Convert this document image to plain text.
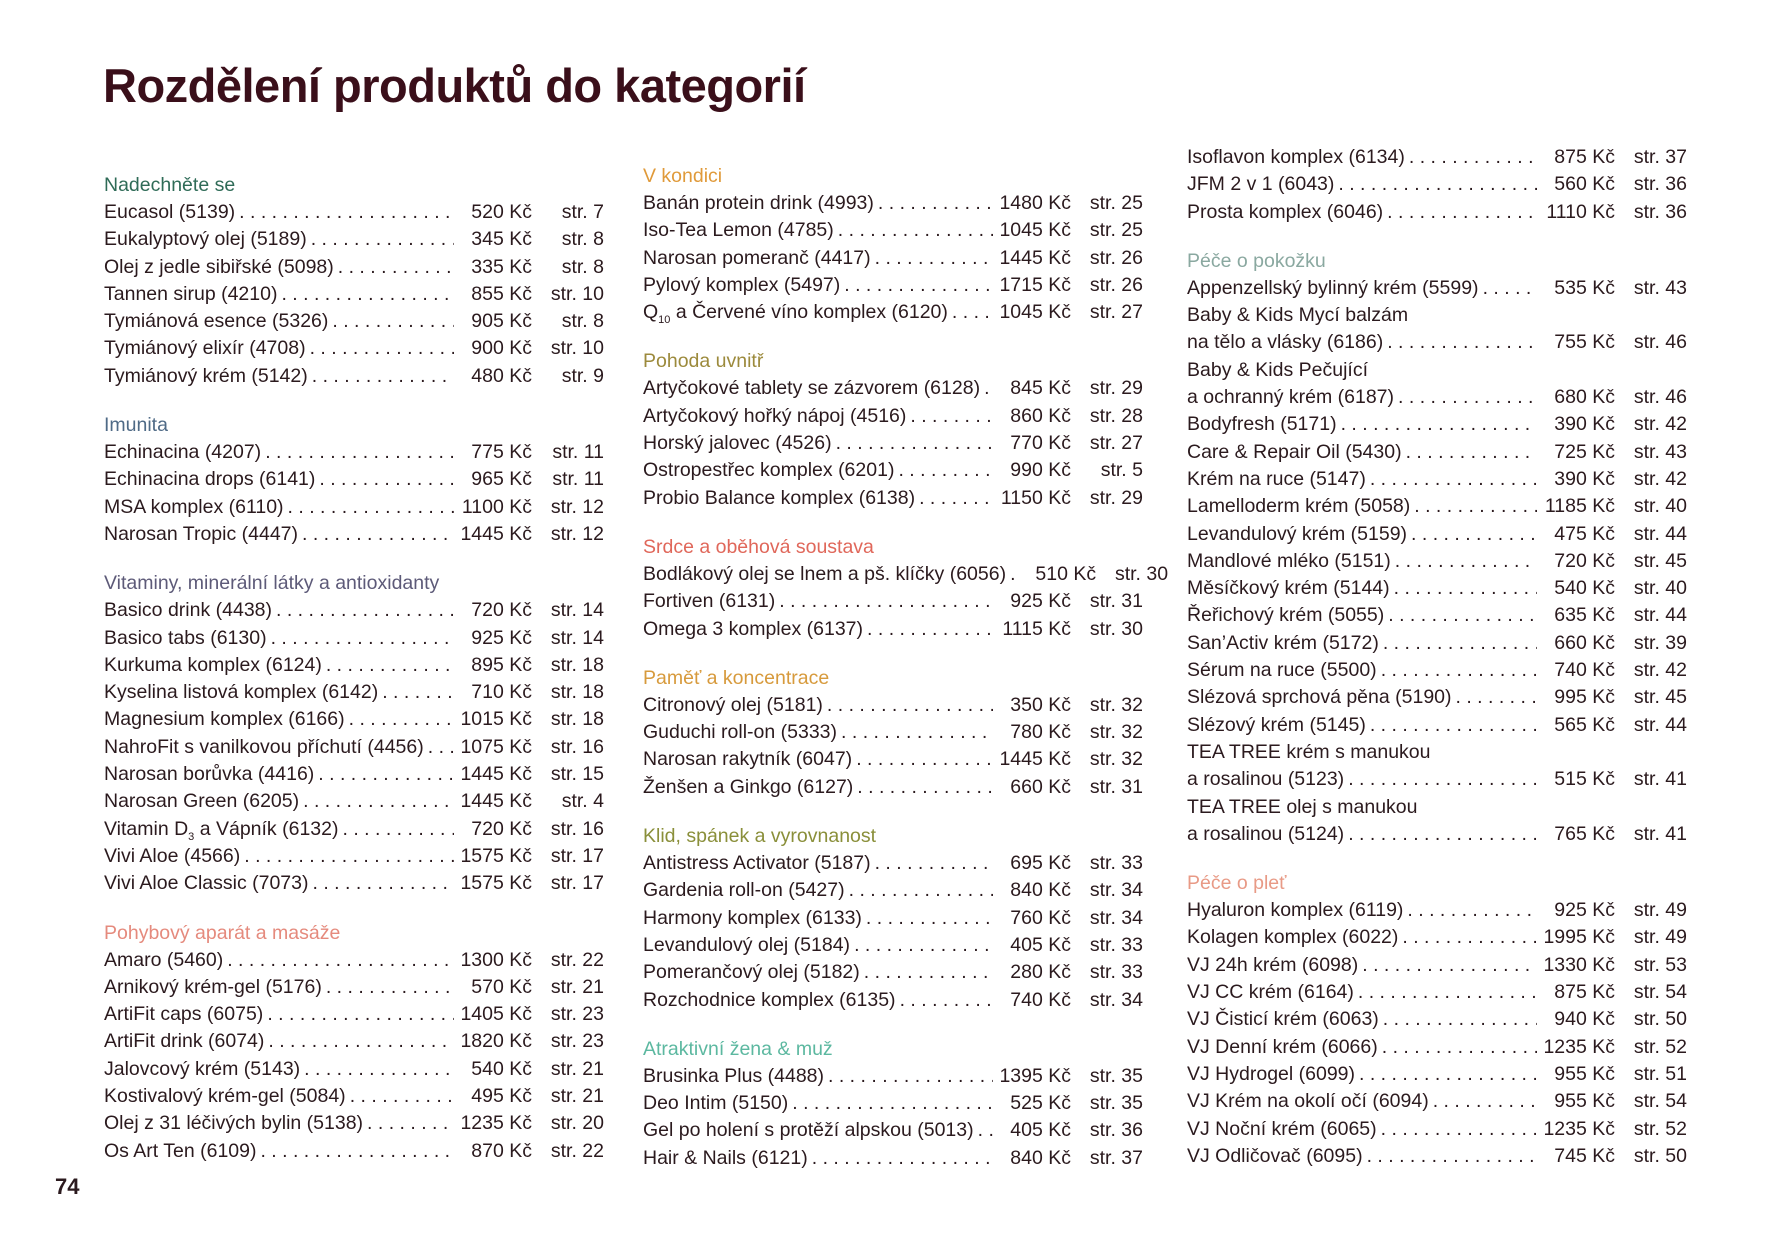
Rozdělení produktů do kategorií
Nadechněte se
Eucasol (5139) . . .	520 Kč	str. 7
Eukalyptový olej (5189) . . .	345 Kč	str. 8
Olej z jedle sibiřské (5098) . . .	335 Kč	str. 8
Tannen sirup (4210) . . .	855 Kč str. 10
Tymiánová esence (5326) . . .	905 Kč	str. 8
Tymiánový elixír (4708) . . .	900 Kč str. 10
Tymiánový krém (5142) . . .	480 Kč	str. 9
Imunita
Echinacina (4207) . . .	775 Kč	str. 11
Echinacina drops (6141) . . .	965 Kč	str. 11
MSA komplex (6110) . . .	1100 Kč str. 12
Narosan Tropic (4447) . . .	1445 Kč str. 12
Vitaminy, minerální látky a antioxidanty
Basico drink (4438) . . .	720 Kč str. 14
Basico tabs (6130) . . .	925 Kč str. 14
Kurkuma komplex (6124) . . .	895 Kč str. 18
Kyselina listová komplex (6142) . . .	710 Kč str. 18
Magnesium komplex (6166) . . .	1015 Kč str. 18
NahroFit s vanilkovou příchutí (4456) . . .	1075 Kč str. 16
Narosan borůvka (4416) . . .	1445 Kč str. 15
Narosan Green (6205) . . .	1445 Kč	str. 4
Vitamin $D_3$ a Vápník (6132) . . .	720 Kč str. 16
Vivi Aloe (4566) . . .	1575 Kč str. 17
Vivi Aloe Classic (7073) . . .	1575 Kč str. 17
Pohybový aparát a masáže
Amaro (5460) . . .	1300 Kč str. 22
Arnikový krém-gel (5176) . . .	570 Kč str. 21
ArtiFit caps (6075) . . .	1405 Kč str. 23
ArtiFit drink (6074) . . .	1820 Kč str. 23
Jalovcový krém (5143) . . .	540 Kč str. 21
Kostivalový krém-gel (5084) . . .	495 Kč str. 21
Olej z 31 léčivých bylin (5138) . . .	1235 Kč str. 20
Os Art Ten (6109) . . .	870 Kč str. 22
V kondici
Banán protein drink (4993) . . .	1480 Kč str. 25
Iso-Tea Lemon (4785) . . .	1045 Kč str. 25
Narosan pomeranč (4417) . . .	1445 Kč str. 26
Pylový komplex (5497) . . .	1715 Kč str. 26
$Q_{10}$ a Červené víno komplex (6120) . . .	1045 Kč str. 27
Pohoda uvnitř
Artyčokové tablety se zázvorem (6128) . . .	845 Kč str. 29
Artyčokový hořký nápoj (4516) . . .	860 Kč str. 28
Horský jalovec (4526) . . .	770 Kč str. 27
Ostropestřec komplex (6201) . . .	990 Kč	str. 5
Probio Balance komplex (6138) . . .	1150 Kč str. 29
Srdce a oběhová soustava
Bodlákový olej se lnem a pš. klíčky (6056) . . .	510 Kč str. 30
Fortiven (6131) . . .	925 Kč str. 31
Omega 3 komplex (6137) . . .	1115 Kč str. 30
Paměť a koncentrace
Citronový olej (5181) . . .	350 Kč str. 32
Guduchi roll-on (5333) . . .	780 Kč str. 32
Narosan rakytník (6047) . . .	1445 Kč str. 32
Ženšen a Ginkgo (6127) . . .	660 Kč str. 31
Klid, spánek a vyrovnanost
Antistress Activator (5187) . . .	695 Kč str. 33
Gardenia roll-on (5427) . . .	840 Kč str. 34
Harmony komplex (6133) . . .	760 Kč str. 34
Levandulový olej (5184) . . .	405 Kč str. 33
Pomerančový olej (5182) . . .	280 Kč str. 33
Rozchodnice komplex (6135) . . .	740 Kč str. 34
Atraktivní žena & muž
Brusinka Plus (4488) . . .	1395 Kč str. 35
Deo Intim (5150) . . .	525 Kč str. 35
Gel po holení s protěží alpskou (5013) . . .	405 Kč str. 36
Hair & Nails (6121) . . .	840 Kč str. 37
Isoflavon komplex (6134) . . .	875 Kč str. 37
JFM 2 v 1 (6043) . . .	560 Kč str. 36
Prosta komplex (6046) . . .	1110 Kč str. 36
Péče o pokožku
Appenzellský bylinný krém (5599) . . .	535 Kč str. 43
Baby & Kids Mycí balzám
na tělo a vlásky (6186) . . .	755 Kč str. 46
Baby & Kids Pečující
a ochranný krém (6187) . . .	680 Kč str. 46
Bodyfresh (5171) . . .	390 Kč str. 42
Care & Repair Oil (5430) . . .	725 Kč str. 43
Krém na ruce (5147) . . .	390 Kč str. 42
Lamelloderm krém (5058) . . .	1185 Kč str. 40
Levandulový krém (5159) . . .	475 Kč str. 44
Mandlové mléko (5151) . . .	720 Kč str. 45
Měsíčkový krém (5144) . . .	540 Kč str. 40
Řeřichový krém (5055) . . .	635 Kč str. 44
San’Activ krém (5172) . . .	660 Kč str. 39
Sérum na ruce (5500) . . .	740 Kč str. 42
Slézová sprchová pěna (5190) . . .	995 Kč str. 45
Slézový krém (5145) . . .	565 Kč str. 44
TEA TREE krém s manukou
a rosalinou (5123) . . .	515 Kč str. 41
TEA TREE olej s manukou
a rosalinou (5124) . . .	765 Kč str. 41
Péče o pleť
Hyaluron komplex (6119) . . .	925 Kč str. 49
Kolagen komplex (6022) . . .	1995 Kč str. 49
VJ 24h krém (6098) . . .	1330 Kč str. 53
VJ CC krém (6164) . . .	875 Kč str. 54
VJ Čisticí krém (6063) . . .	940 Kč str. 50
VJ Denní krém (6066) . . .	1235 Kč str. 52
VJ Hydrogel (6099) . . .	955 Kč str. 51
VJ Krém na okolí očí (6094) . . .	955 Kč str. 54
VJ Noční krém (6065) . . .	1235 Kč str. 52
VJ Odličovač (6095) . . .	745 Kč str. 50
74
